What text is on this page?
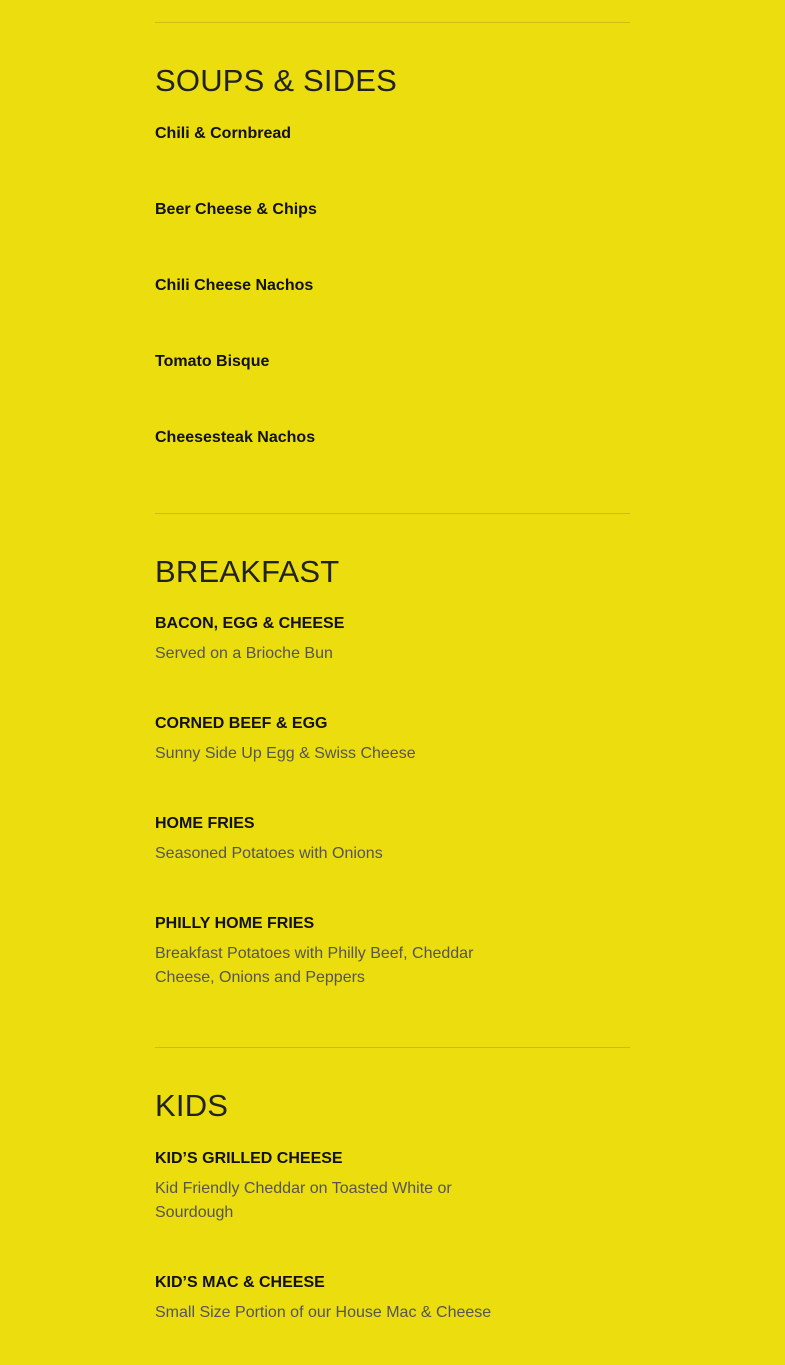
SOUPS & SIDES
Chili & Cornbread
Beer Cheese & Chips
Chili Cheese Nachos
Tomato Bisque
Cheesesteak Nachos
BREAKFAST
BACON, EGG & CHEESE
Served on a Brioche Bun
CORNED BEEF & EGG
Sunny Side Up Egg & Swiss Cheese
HOME FRIES
Seasoned Potatoes with Onions
PHILLY HOME FRIES
Breakfast Potatoes with Philly Beef, Cheddar Cheese, Onions and Peppers
KIDS
KID’S GRILLED CHEESE
Kid Friendly Cheddar on Toasted White or Sourdough
KID’S MAC & CHEESE
Small Size Portion of our House Mac & Cheese
